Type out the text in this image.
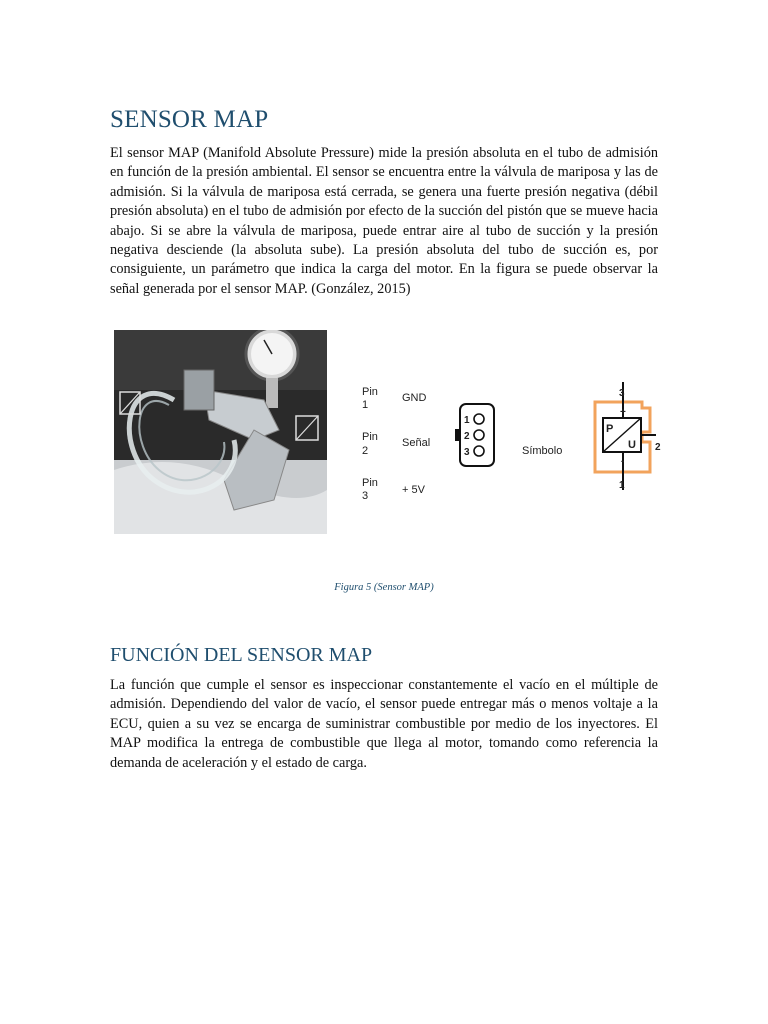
SENSOR MAP

El sensor MAP (Manifold Absolute Pressure) mide la presión absoluta en el tubo de admisión en función de la presión ambiental. El sensor se encuentra entre la válvula de mariposa y las de admisión. Si la válvula de mariposa está cerrada, se genera una fuerte presión negativa (débil presión absoluta) en el tubo de admisión por efecto de la succión del pistón que se mueve hacia abajo. Si se abre la válvula de mariposa, puede entrar aire al tubo de succión y la presión negativa desciende (la absoluta sube). La presión absoluta del tubo de succión es, por consiguiente, un parámetro que indica la carga del motor. En la figura se puede observar la señal generada por el sensor MAP. (González, 2015)

Pin
1
GND
Pin
2
Señal
Pin
3	+ 5V
1
2
3	Símbolo
P
U
3
2
1
+
-
Figura 5 (Sensor MAP)
FUNCIÓN DEL SENSOR MAP

La función que cumple el sensor es inspeccionar constantemente el vacío en el múltiple de admisión. Dependiendo del valor de vacío, el sensor puede entregar más o menos voltaje a la ECU, quien a su vez se encarga de suministrar combustible por medio de los inyectores. El MAP modifica la entrega de combustible que llega al motor, tomando como referencia la demanda de aceleración y el estado de carga.
